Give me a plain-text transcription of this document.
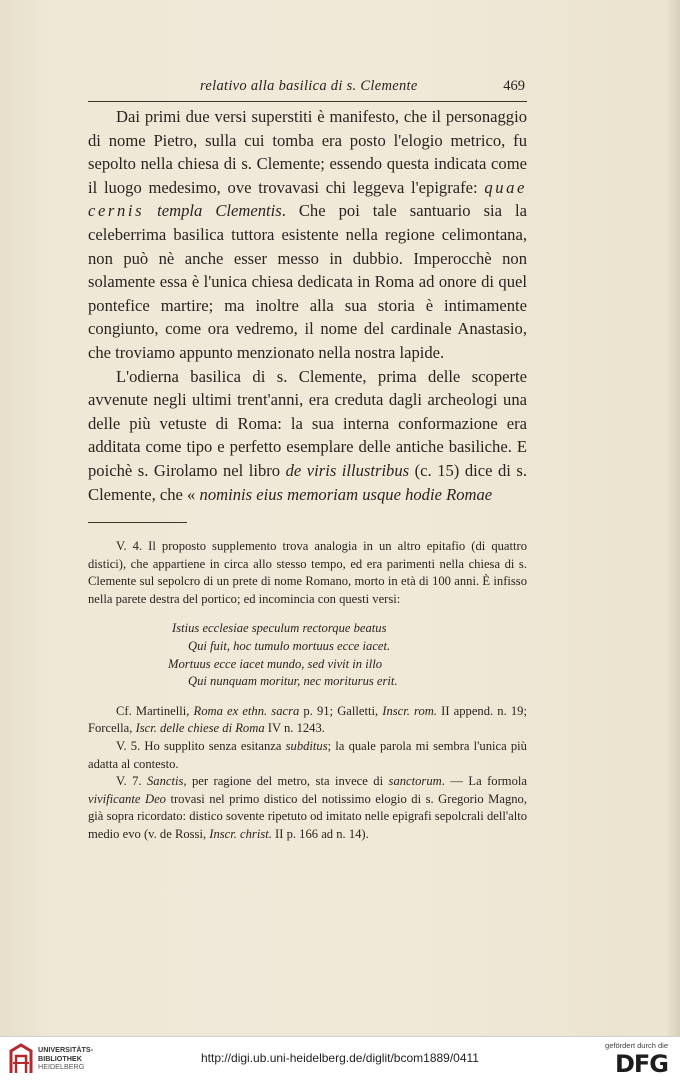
relativo alla basilica di s. Clemente	469

Dai primi due versi superstiti è manifesto, che il personaggio di nome Pietro, sulla cui tomba era posto l'elogio metrico, fu sepolto nella chiesa di s. Clemente; essendo questa indicata come il luogo medesimo, ove trovavasi chi leggeva l'epigrafe: quae cernis templa Clementis. Che poi tale santuario sia la celeberrima basilica tuttora esistente nella regione celimontana, non può nè anche esser messo in dubbio. Imperocchè non solamente essa è l'unica chiesa dedicata in Roma ad onore di quel pontefice martire; ma inoltre alla sua storia è intimamente congiunto, come ora vedremo, il nome del cardinale Anastasio, che troviamo appunto menzionato nella nostra lapide.

L'odierna basilica di s. Clemente, prima delle scoperte avvenute negli ultimi trent'anni, era creduta dagli archeologi una delle più vetuste di Roma: la sua interna conformazione era additata come tipo e perfetto esemplare delle antiche basiliche. E poichè s. Girolamo nel libro de viris illustribus (c. 15) dice di s. Clemente, che « nominis eius memoriam usque hodie Romae

V. 4. Il proposto supplemento trova analogia in un altro epitafio (di quattro distici), che appartiene in circa allo stesso tempo, ed era parimenti nella chiesa di s. Clemente sul sepolcro di un prete di nome Romano, morto in età di 100 anni. È infisso nella parete destra del portico; ed incomincia con questi versi:

Istius ecclesiae speculum rectorque beatus
Qui fuit, hoc tumulo mortuus ecce iacet.
Mortuus ecce iacet mundo, sed vivit in illo
Qui nunquam moritur, nec moriturus erit.

Cf. Martinelli, Roma ex ethn. sacra p. 91; Galletti, Inscr. rom. II append. n. 19; Forcella, Iscr. delle chiese di Roma IV n. 1243.

V. 5. Ho supplito senza esitanza subditus; la quale parola mi sembra l'unica più adatta al contesto.

V. 7. Sanctis, per ragione del metro, sta invece di sanctorum. — La formola vivificante Deo trovasi nel primo distico del notissimo elogio di s. Gregorio Magno, già sopra ricordato: distico sovente ripetuto od imitato nelle epigrafi sepolcrali dell'alto medio evo (v. de Rossi, Inscr. christ. II p. 166 ad n. 14).

UNIVERSITÄTS-
BIBLIOTHEK
HEIDELBERG
http://digi.ub.uni-heidelberg.de/diglit/bcom1889/0411
gefördert durch die
DFG
